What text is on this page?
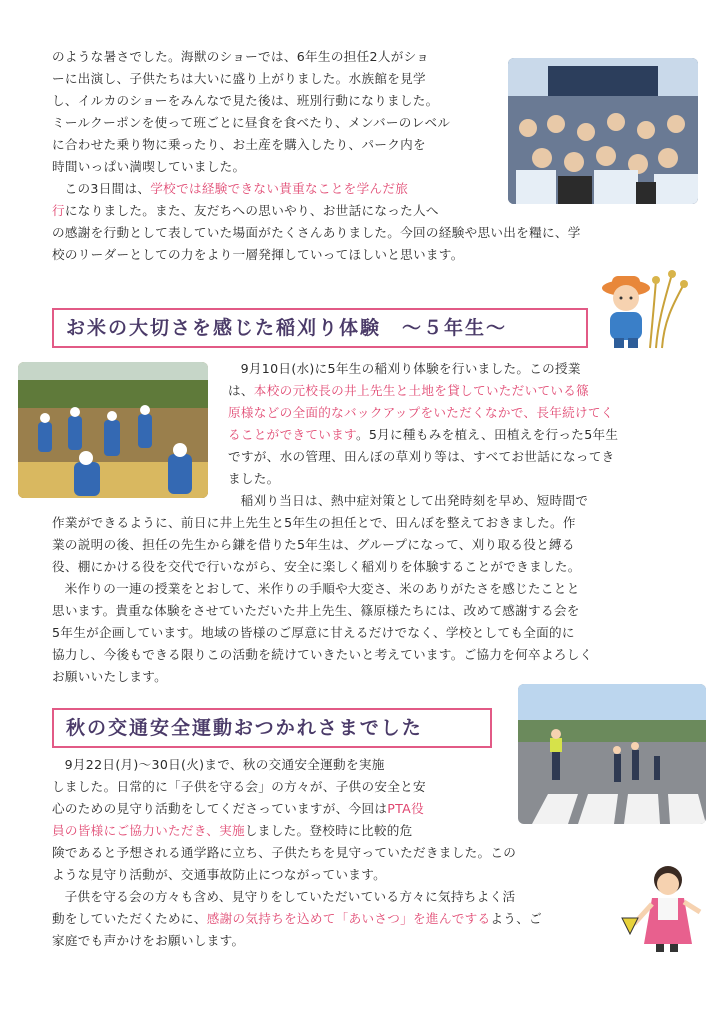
のような暑さでした。海獣のショーでは、6年生の担任2人がショ

ーに出演し、子供たちは大いに盛り上がりました。水族館を見学

し、イルカのショーをみんなで見た後は、班別行動になりました。

ミールクーポンを使って班ごとに昼食を食べたり、メンバーのレベル

に合わせた乗り物に乗ったり、お土産を購入したり、パーク内を

時間いっぱい満喫していました。

この3日間は、学校では経験できない貴重なことを学んだ旅

行になりました。また、友だちへの思いやり、お世話になった人へ

の感謝を行動として表していた場面がたくさんありました。今回の経験や思い出を糧に、学

校のリーダーとしての力をより一層発揮していってほしいと思います。

お米の大切さを感じた稲刈り体験　～５年生～

9月10日(水)に5年生の稲刈り体験を行いました。この授業

は、本校の元校長の井上先生と土地を貸していただいている篠

原様などの全面的なバックアップをいただくなかで、長年続けてく

ることができています。5月に種もみを植え、田植えを行った5年生

ですが、水の管理、田んぼの草刈り等は、すべてお世話になってき

ました。

稲刈り当日は、熱中症対策として出発時刻を早め、短時間で

作業ができるように、前日に井上先生と5年生の担任とで、田んぼを整えておきました。作

業の説明の後、担任の先生から鎌を借りた5年生は、グループになって、刈り取る役と縛る

役、棚にかける役を交代で行いながら、安全に楽しく稲刈りを体験することができました。

米作りの一連の授業をとおして、米作りの手順や大変さ、米のありがたさを感じたことと

思います。貴重な体験をさせていただいた井上先生、篠原様たちには、改めて感謝する会を

5年生が企画しています。地域の皆様のご厚意に甘えるだけでなく、学校としても全面的に

協力し、今後もできる限りこの活動を続けていきたいと考えています。ご協力を何卒よろしく

お願いいたします。

秋の交通安全運動おつかれさまでした

9月22日(月)～30日(火)まで、秋の交通安全運動を実施

しました。日常的に「子供を守る会」の方々が、子供の安全と安

心のための見守り活動をしてくださっていますが、今回はPTA役

員の皆様にご協力いただき、実施しました。登校時に比較的危

険であると予想される通学路に立ち、子供たちを見守っていただきました。この

ような見守り活動が、交通事故防止につながっています。

子供を守る会の方々も含め、見守りをしていただいている方々に気持ちよく活

動をしていただくために、感謝の気持ちを込めて「あいさつ」を進んでするよう、ご

家庭でも声かけをお願いします。
